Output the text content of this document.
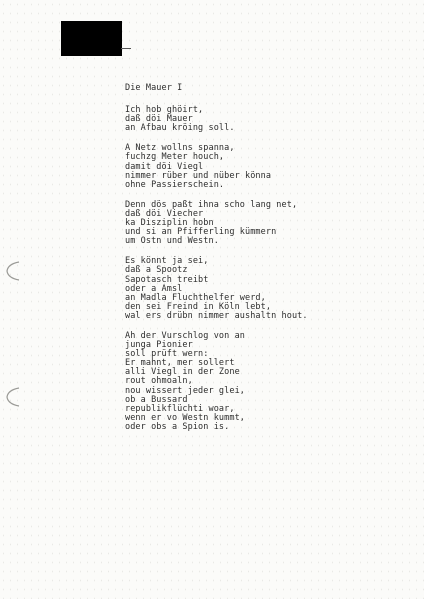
Die Mauer I
Ich hob ghöirt,
daß döi Mauer
an Afbau kröing soll.
A Netz wollns spanna,
fuchzg Meter houch,
damit döi Viegl
nimmer rüber und nüber könna
ohne Passierschein.
Denn dös paßt ihna scho lang net,
daß döi Viecher
ka Disziplin hobn
und si an Pfifferling kümmern
um Ostn und Westn.
Es könnt ja sei,
daß a Spootz
Sapotasch treibt
oder a Amsl
an Madla Fluchthelfer werd,
den sei Freind in Köln lebt,
wal ers drübn nimmer aushaltn hout.
Ah der Vurschlog von an
junga Pionier
soll prüft wern:
Er mahnt, mer sollert
alli Viegl in der Zone
rout ohmoaln,
nou wissert jeder glei,
ob a Bussard
republikflüchti woar,
wenn er vo Westn kummt,
oder obs a Spion is.
